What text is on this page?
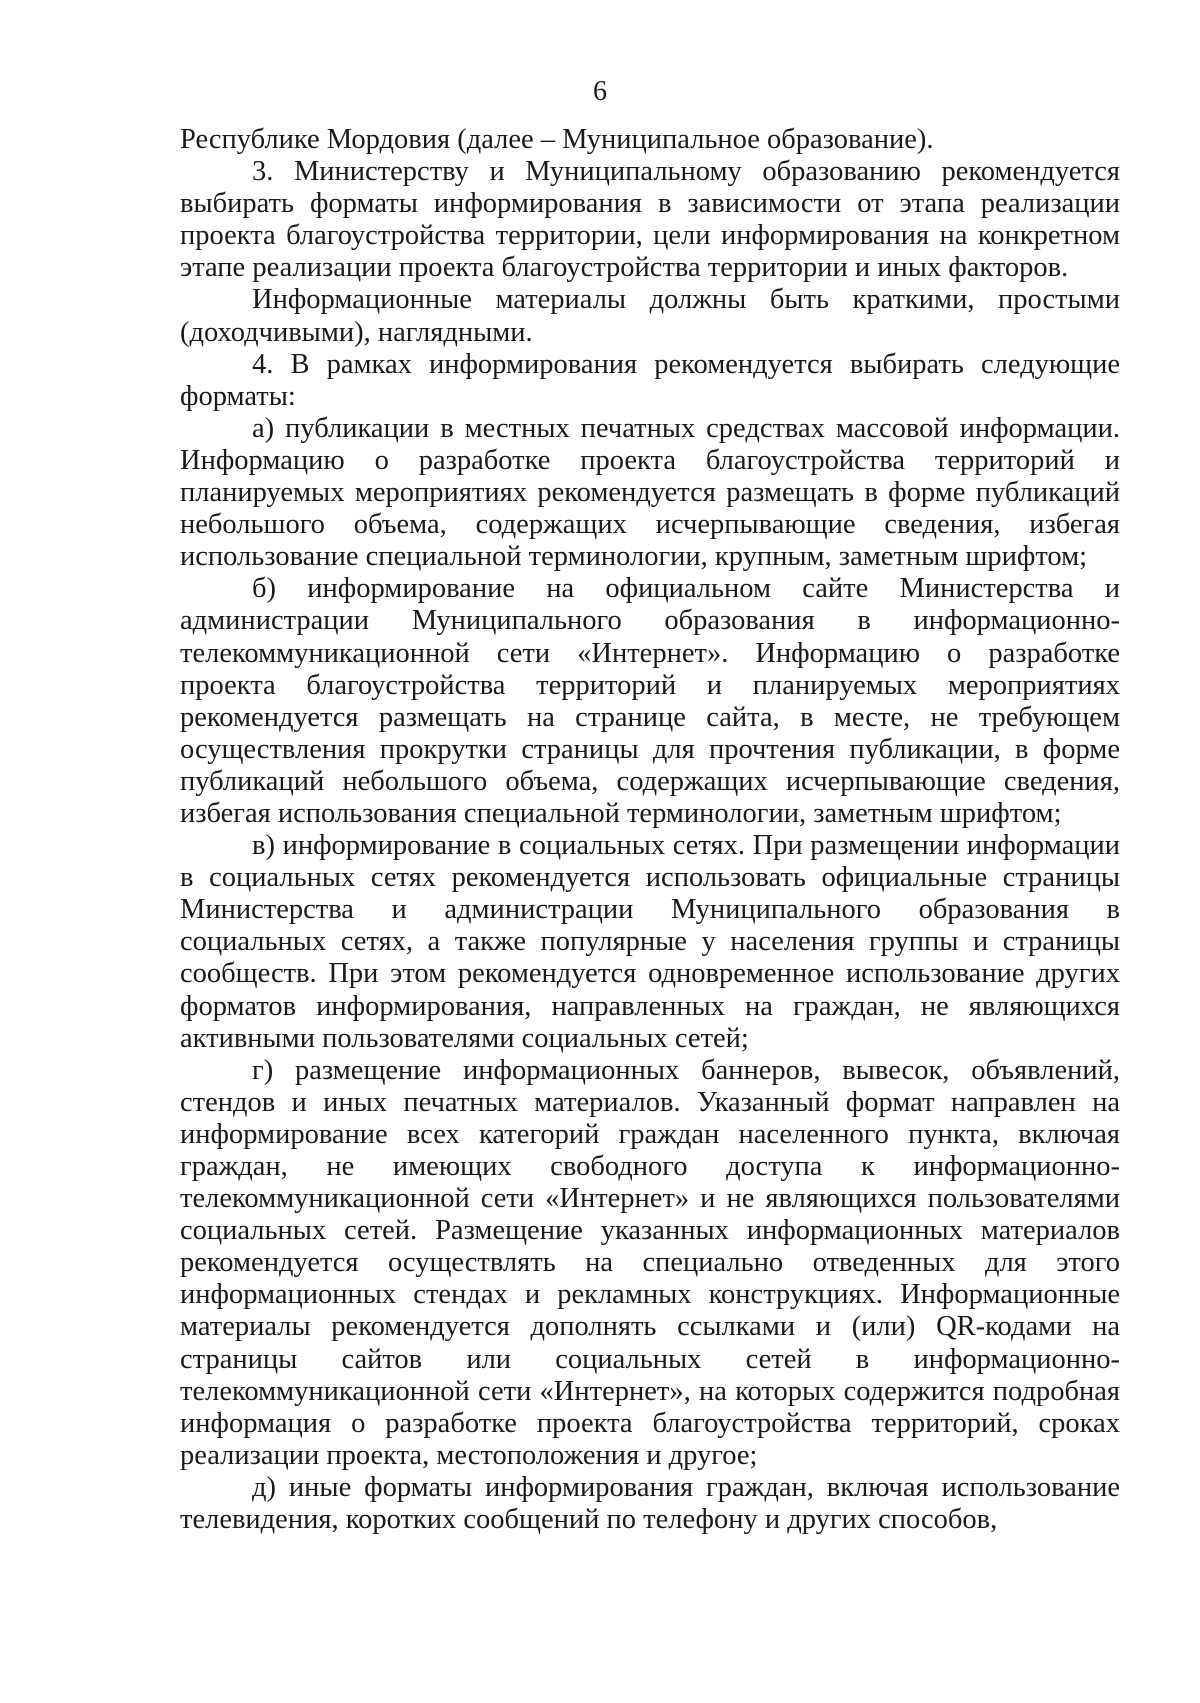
6

Республике Мордовия (далее – Муниципальное образование).

3. Министерству и Муниципальному образованию рекомендуется выбирать форматы информирования в зависимости от этапа реализации проекта благоустройства территории, цели информирования на конкретном этапе реализации проекта благоустройства территории и иных факторов.

Информационные материалы должны быть краткими, простыми (доходчивыми), наглядными.

4. В рамках информирования рекомендуется выбирать следующие форматы:

а) публикации в местных печатных средствах массовой информации. Информацию о разработке проекта благоустройства территорий и планируемых мероприятиях рекомендуется размещать в форме публикаций небольшого объема, содержащих исчерпывающие сведения, избегая использование специальной терминологии, крупным, заметным шрифтом;

б) информирование на официальном сайте Министерства и администрации Муниципального образования в информационно-телекоммуникационной сети «Интернет». Информацию о разработке проекта благоустройства территорий и планируемых мероприятиях рекомендуется размещать на странице сайта, в месте, не требующем осуществления прокрутки страницы для прочтения публикации, в форме публикаций небольшого объема, содержащих исчерпывающие сведения, избегая использования специальной терминологии, заметным шрифтом;

в) информирование в социальных сетях. При размещении информации в социальных сетях рекомендуется использовать официальные страницы Министерства и администрации Муниципального образования в социальных сетях, а также популярные у населения группы и страницы сообществ. При этом рекомендуется одновременное использование других форматов информирования, направленных на граждан, не являющихся активными пользователями социальных сетей;

г) размещение информационных баннеров, вывесок, объявлений, стендов и иных печатных материалов. Указанный формат направлен на информирование всех категорий граждан населенного пункта, включая граждан, не имеющих свободного доступа к информационно-телекоммуникационной сети «Интернет» и не являющихся пользователями социальных сетей. Размещение указанных информационных материалов рекомендуется осуществлять на специально отведенных для этого информационных стендах и рекламных конструкциях. Информационные материалы рекомендуется дополнять ссылками и (или) QR-кодами на страницы сайтов или социальных сетей в информационно-телекоммуникационной сети «Интернет», на которых содержится подробная информация о разработке проекта благоустройства территорий, сроках реализации проекта, местоположения и другое;

д) иные форматы информирования граждан, включая использование телевидения, коротких сообщений по телефону и других способов,
